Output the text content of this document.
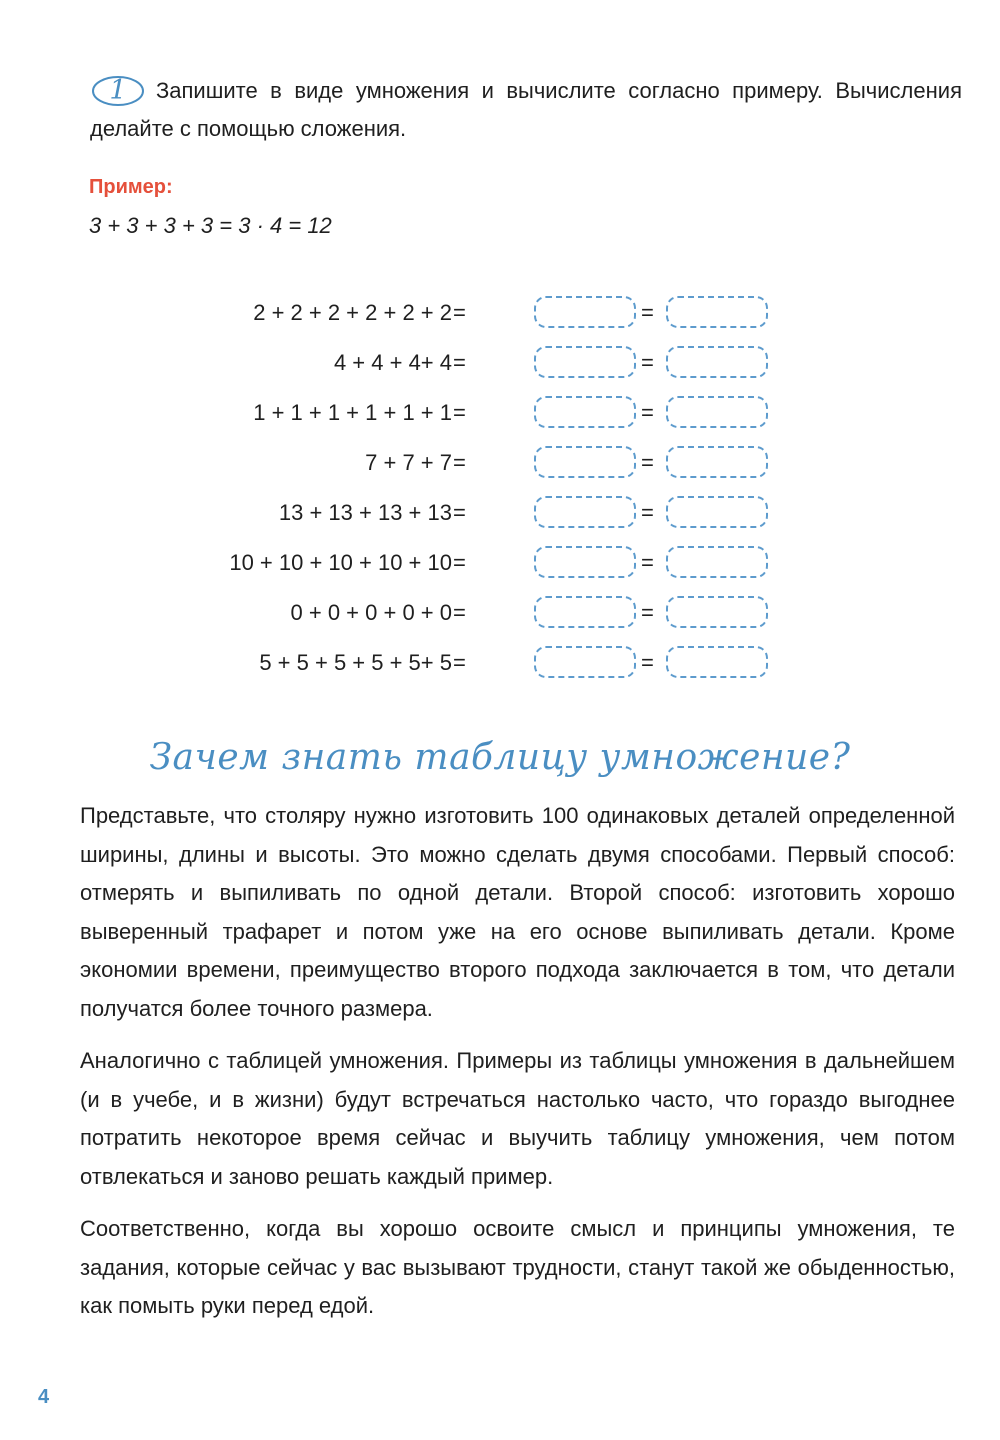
1	Запишите в виде умножения и вычислите согласно примеру. Вычисления делайте с помощью сложения.

Пример:
3 + 3 + 3 + 3 = 3 · 4 = 12
2 + 2 + 2 + 2 + 2 + 2 =	=
4 + 4 + 4+ 4 =	=
1 + 1 + 1 + 1 + 1 + 1 =	=
7 + 7 + 7 =	=
13 + 13 + 13 + 13 =	=
10 + 10 + 10 + 10 + 10 =	=
0 + 0 + 0 + 0 + 0 =	=
5 + 5 + 5 + 5 + 5+ 5 =	=
Зачем знать таблицу умножение?

Представьте, что столяру нужно изготовить 100 одинаковых деталей определенной ширины, длины и высоты. Это можно сделать двумя способами. Первый способ: отмерять и выпиливать по одной детали. Второй способ: изготовить хорошо выверенный трафарет и потом уже на его основе выпиливать детали. Кроме экономии времени, преимущество второго подхода заключается в том, что детали получатся более точного размера.

Аналогично с таблицей умножения. Примеры из таблицы умножения в дальнейшем (и в учебе, и в жизни) будут встречаться настолько часто, что гораздо выгоднее потратить некоторое время сейчас и выучить таблицу умножения, чем потом отвлекаться и заново решать каждый пример.

Соответственно, когда вы хорошо освоите смысл и принципы умножения, те задания, которые сейчас у вас вызывают трудности, станут такой же обыденностью, как помыть руки перед едой.

4
